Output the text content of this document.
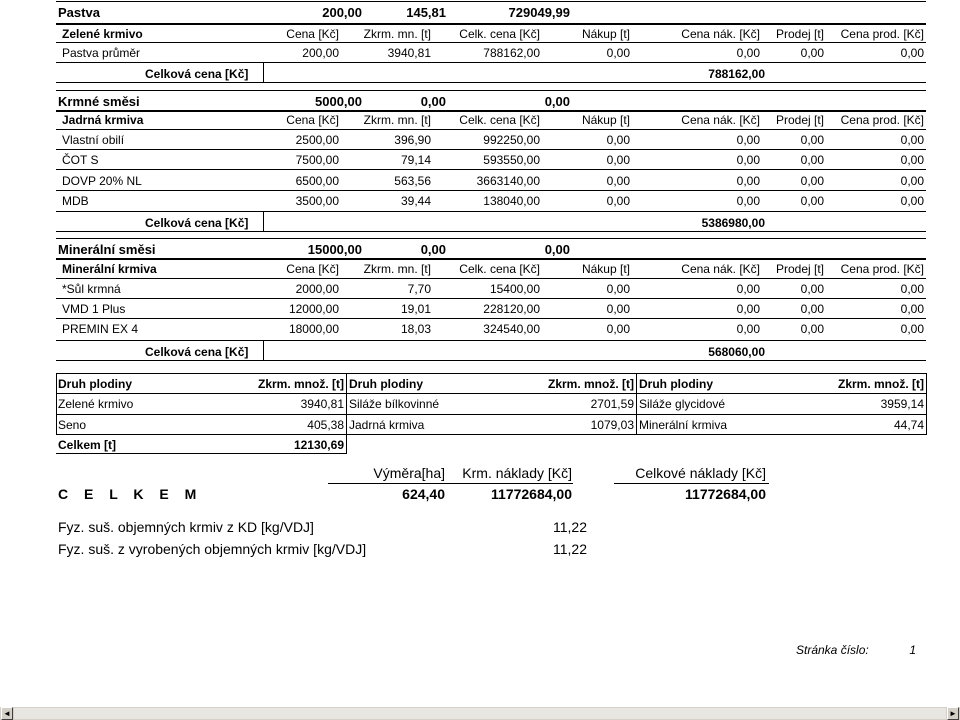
Pastva	200,00	145,81	729049,99
Zelené krmivo	Cena [Kč]	Zkrm. mn. [t]	Celk. cena [Kč]	Nákup [t]	Cena nák. [Kč]	Prodej [t]	Cena prod. [Kč]
Pastva průměr	200,00	3940,81	788162,00	0,00	0,00	0,00	0,00
Celková cena [Kč]	788162,00
Krmné směsi	5000,00	0,00	0,00
Jadrná krmiva	Cena [Kč]	Zkrm. mn. [t]	Celk. cena [Kč]	Nákup [t]	Cena nák. [Kč]	Prodej [t]	Cena prod. [Kč]
Vlastní obilí	2500,00	396,90	992250,00	0,00	0,00	0,00	0,00
ČOT S	7500,00	79,14	593550,00	0,00	0,00	0,00	0,00
DOVP 20% NL	6500,00	563,56	3663140,00	0,00	0,00	0,00	0,00
MDB	3500,00	39,44	138040,00	0,00	0,00	0,00	0,00
Celková cena [Kč]	5386980,00
Minerální směsi	15000,00	0,00	0,00
Minerální krmiva	Cena [Kč]	Zkrm. mn. [t]	Celk. cena [Kč]	Nákup [t]	Cena nák. [Kč]	Prodej [t]	Cena prod. [Kč]
*Sůl krmná	2000,00	7,70	15400,00	0,00	0,00	0,00	0,00
VMD 1 Plus	12000,00	19,01	228120,00	0,00	0,00	0,00	0,00
PREMIN EX 4	18000,00	18,03	324540,00	0,00	0,00	0,00	0,00
Celková cena [Kč]	568060,00
Druh plodiny	Zkrm. množ. [t] Druh plodiny	Zkrm. množ. [t] Druh plodiny	Zkrm. množ. [t]
Zelené krmivo	3940,81 Siláže bílkovinné	2701,59 Siláže glycidové	3959,14
Seno	405,38 Jadrná krmiva	1079,03 Minerální krmiva	44,74
Celkem [t]	12130,69
Výměra[ha]	Krm. náklady [Kč]	Celkové náklady [Kč]
C E L K E M	624,40	11772684,00	11772684,00
Fyz. suš. objemných krmiv z KD [kg/VDJ]	11,22
Fyz. suš. z vyrobených objemných krmiv [kg/VDJ]	11,22
Stránka číslo:	1
◄	►
